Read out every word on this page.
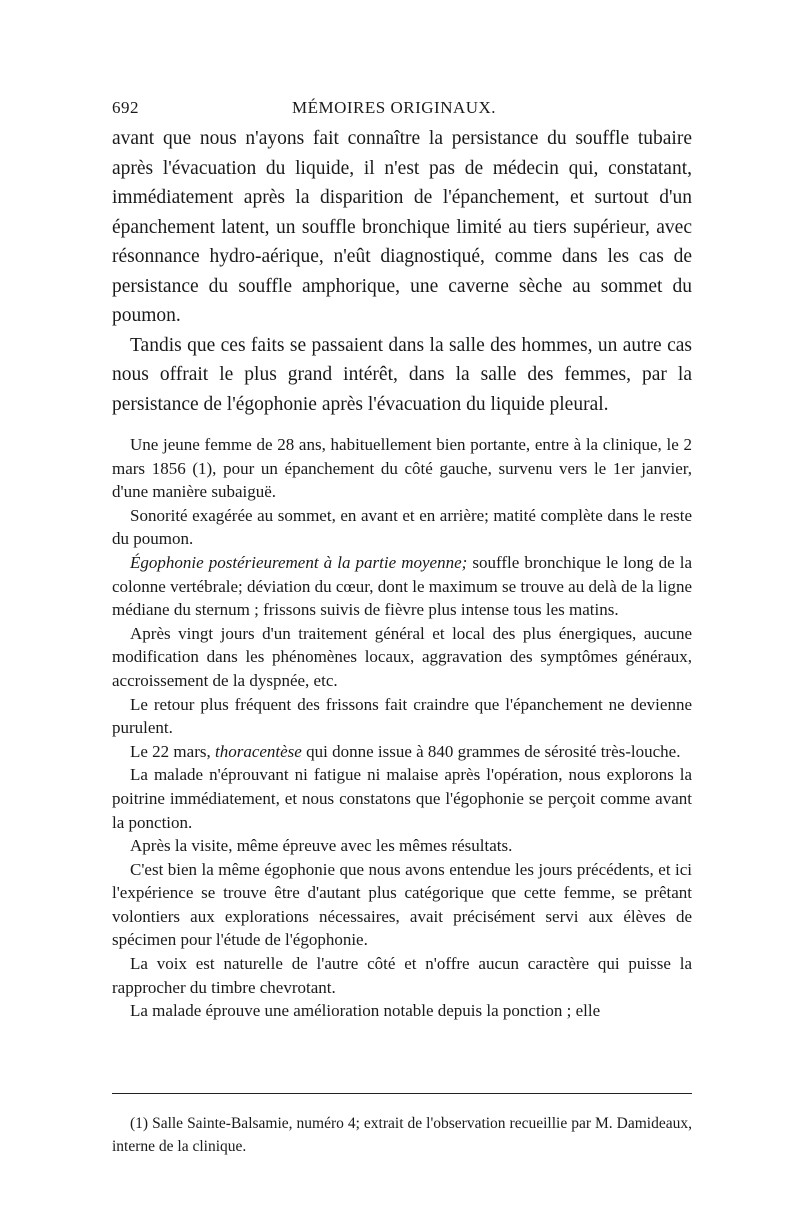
692	MÉMOIRES ORIGINAUX.

avant que nous n'ayons fait connaître la persistance du souffle tubaire après l'évacuation du liquide, il n'est pas de médecin qui, constatant, immédiatement après la disparition de l'épanchement, et surtout d'un épanchement latent, un souffle bronchique limité au tiers supérieur, avec résonnance hydro-aérique, n'eût diagnostiqué, comme dans les cas de persistance du souffle amphorique, une caverne sèche au sommet du poumon.

Tandis que ces faits se passaient dans la salle des hommes, un autre cas nous offrait le plus grand intérêt, dans la salle des femmes, par la persistance de l'égophonie après l'évacuation du liquide pleural.

Une jeune femme de 28 ans, habituellement bien portante, entre à la clinique, le 2 mars 1856 (1), pour un épanchement du côté gauche, survenu vers le 1er janvier, d'une manière subaiguë.

Sonorité exagérée au sommet, en avant et en arrière; matité complète dans le reste du poumon.

Égophonie postérieurement à la partie moyenne; souffle bronchique le long de la colonne vertébrale; déviation du cœur, dont le maximum se trouve au delà de la ligne médiane du sternum ; frissons suivis de fièvre plus intense tous les matins.

Après vingt jours d'un traitement général et local des plus énergiques, aucune modification dans les phénomènes locaux, aggravation des symptômes généraux, accroissement de la dyspnée, etc.

Le retour plus fréquent des frissons fait craindre que l'épanchement ne devienne purulent.

Le 22 mars, thoracentèse qui donne issue à 840 grammes de sérosité très-louche.

La malade n'éprouvant ni fatigue ni malaise après l'opération, nous explorons la poitrine immédiatement, et nous constatons que l'égophonie se perçoit comme avant la ponction.

Après la visite, même épreuve avec les mêmes résultats.

C'est bien la même égophonie que nous avons entendue les jours précédents, et ici l'expérience se trouve être d'autant plus catégorique que cette femme, se prêtant volontiers aux explorations nécessaires, avait précisément servi aux élèves de spécimen pour l'étude de l'égophonie.

La voix est naturelle de l'autre côté et n'offre aucun caractère qui puisse la rapprocher du timbre chevrotant.

La malade éprouve une amélioration notable depuis la ponction ; elle

(1) Salle Sainte-Balsamie, numéro 4; extrait de l'observation recueillie par M. Damideaux, interne de la clinique.
